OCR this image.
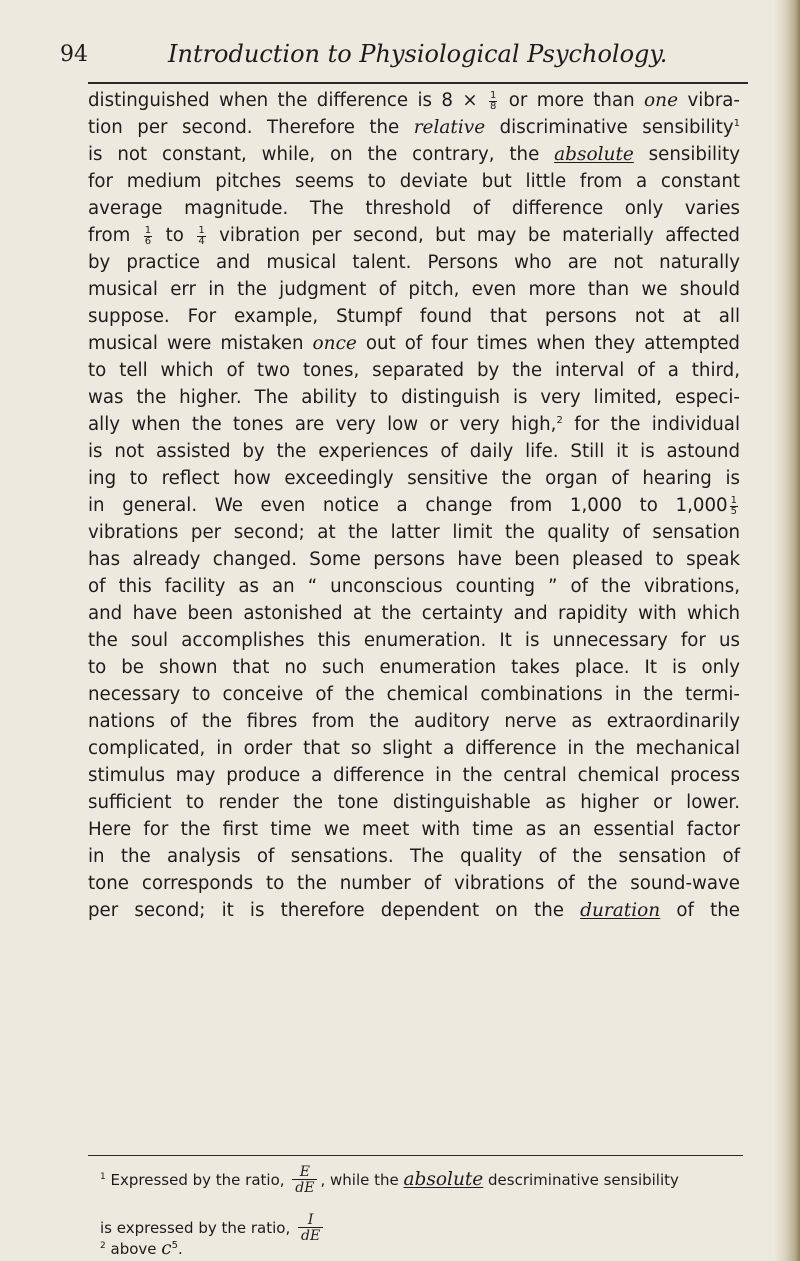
94	Introduction to Physiological Psychology.
distinguished when the difference is $8 \times \frac{1}{8}$ or more than one vibra-
tion per second. Therefore the relative discriminative sensibility$^1$
is not constant, while, on the contrary, the absolute sensibility
for medium pitches seems to deviate but little from a constant
average magnitude. The threshold of difference only varies
from $\frac{1}{6}$ to $\frac{1}{4}$ vibration per second, but may be materially affected
by practice and musical talent. Persons who are not naturally
musical err in the judgment of pitch, even more than we should
suppose. For example, Stumpf found that persons not at all
musical were mistaken once out of four times when they attempted
to tell which of two tones, separated by the interval of a third,
was the higher. The ability to distinguish is very limited, especi-
ally when the tones are very low or very high,$^2$ for the individual
is not assisted by the experiences of daily life. Still it is astound
ing to reflect how exceedingly sensitive the organ of hearing is
in general. We even notice a change from 1,000 to $1,000 \frac{1}{5}$
vibrations per second; at the latter limit the quality of sensation
has already changed. Some persons have been pleased to speak
of this facility as an “ unconscious counting ” of the vibrations,
and have been astonished at the certainty and rapidity with which
the soul accomplishes this enumeration. It is unnecessary for us
to be shown that no such enumeration takes place. It is only
necessary to conceive of the chemical combinations in the termi-
nations of the fibres from the auditory nerve as extraordinarily
complicated, in order that so slight a difference in the mechanical
stimulus may produce a difference in the central chemical process
sufficient to render the tone distinguishable as higher or lower.
Here for the first time we meet with time as an essential factor
in the analysis of sensations. The quality of the sensation of
tone corresponds to the number of vibrations of the sound-wave
per second; it is therefore dependent on the duration of the
$^1$ Expressed by the ratio, $\frac{E}{dE}$ , while the absolute descriminative sensibility
is expressed by the ratio, $\frac{I}{dE}$
$^2$ above c$^5$.
